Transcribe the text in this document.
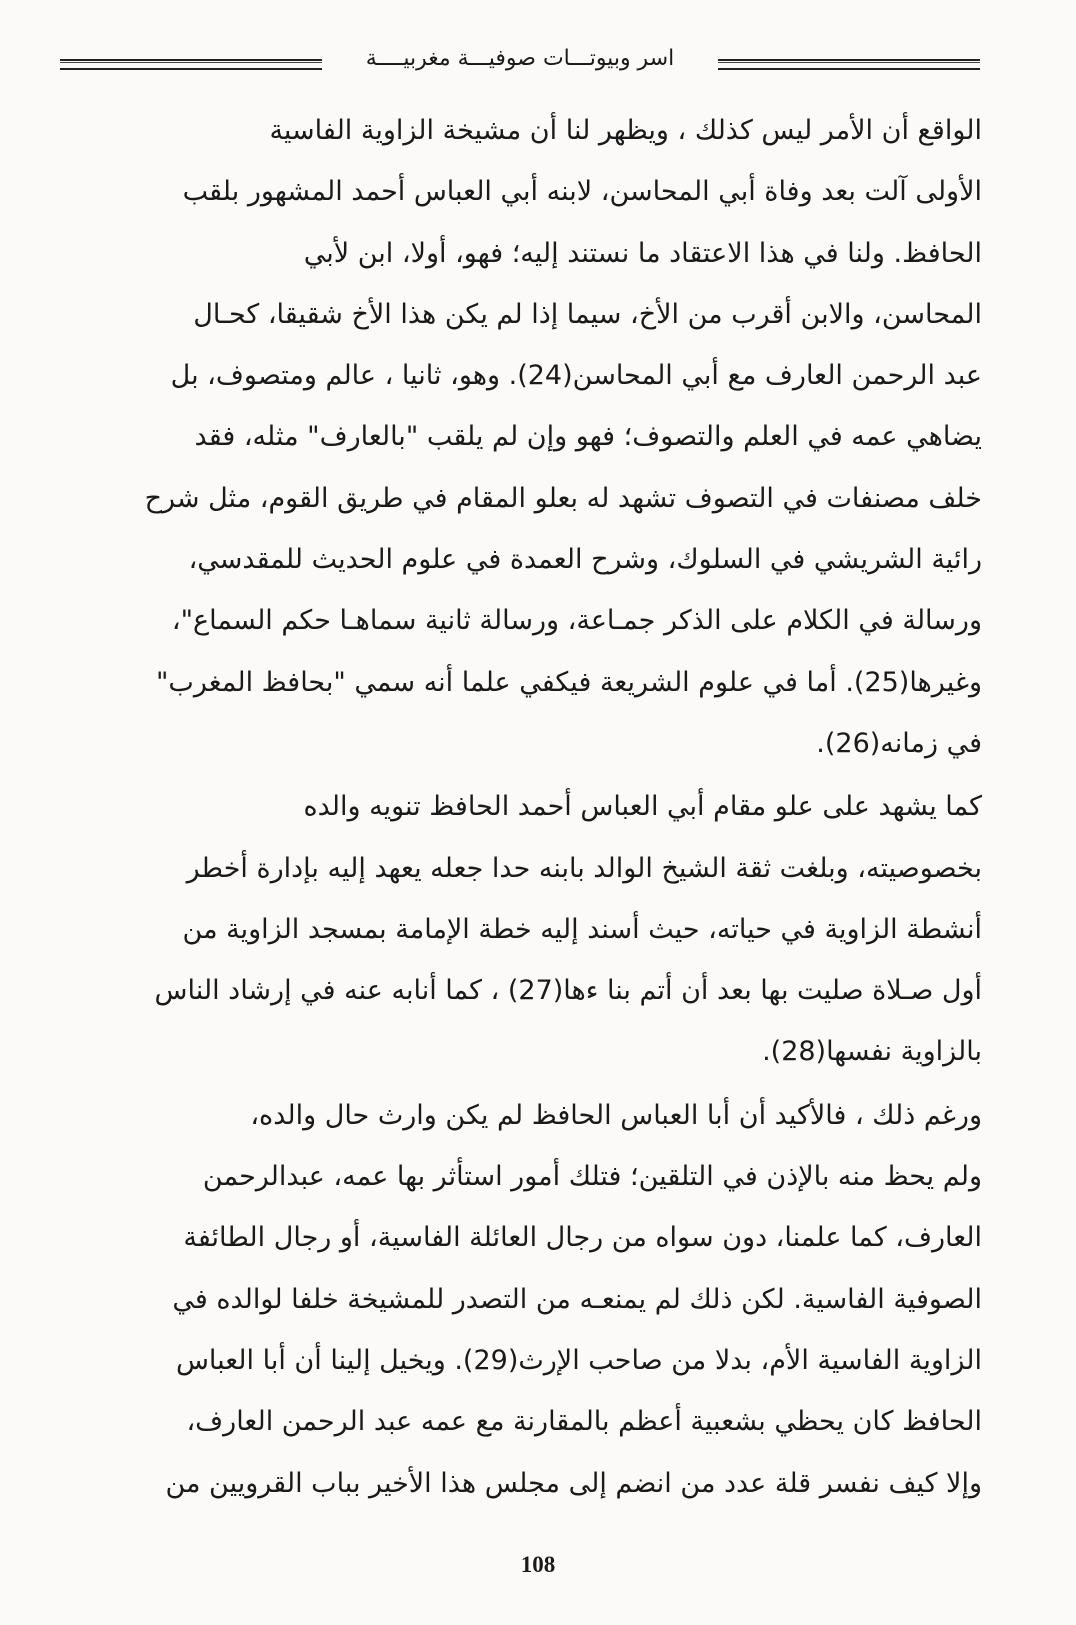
اسر وبيوتـــات صوفيـــة مغربيــــة
الواقع أن الأمر ليس كذلك ، ويظهر لنا أن مشيخة الزاوية الفاسية
الأولى آلت بعد وفاة أبي المحاسن، لابنه أبي العباس أحمد المشهور بلقب
الحافظ. ولنا في هذا الاعتقاد ما نستند إليه؛ فهو، أولا، ابن لأبي
المحاسن، والابن أقرب من الأخ، سيما إذا لم يكن هذا الأخ شقيقا، كحـال
عبد الرحمن العارف مع أبي المحاسن(24). وهو، ثانيا ، عالم ومتصوف، بل
يضاهي عمه في العلم والتصوف؛ فهو وإن لم يلقب "بالعارف" مثله، فقد
خلف مصنفات في التصوف تشهد له بعلو المقام في طريق القوم، مثل شرح
رائية الشريشي في السلوك، وشرح العمدة في علوم الحديث للمقدسي،
ورسالة في الكلام على الذكر جمـاعة، ورسالة ثانية سماهـا حكم السماع"،
وغيرها(25). أما في علوم الشريعة فيكفي علما أنه سمي "بحافظ المغرب"
في زمانه(26).
كما يشهد على علو مقام أبي العباس أحمد الحافظ تنويه والده
بخصوصيته، وبلغت ثقة الشيخ الوالد بابنه حدا جعله يعهد إليه بإدارة أخطر
أنشطة الزاوية في حياته، حيث أسند إليه خطة الإمامة بمسجد الزاوية من
أول صـلاة صليت بها بعد أن أتم بنا ءها(27) ، كما أنابه عنه في إرشاد الناس
بالزاوية نفسها(28).
ورغم ذلك ، فالأكيد أن أبا العباس الحافظ لم يكن وارث حال والده،
ولم يحظ منه بالإذن في التلقين؛ فتلك أمور استأثر بها عمه، عبدالرحمن
العارف، كما علمنا، دون سواه من رجال العائلة الفاسية، أو رجال الطائفة
الصوفية الفاسية. لكن ذلك لم يمنعـه من التصدر للمشيخة خلفا لوالده في
الزاوية الفاسية الأم، بدلا من صاحب الإرث(29). ويخيل إلينا أن أبا العباس
الحافظ كان يحظي بشعبية أعظم بالمقارنة مع عمه عبد الرحمن العارف،
وإلا كيف نفسر قلة عدد من انضم إلى مجلس هذا الأخير بباب القرويين من
108
